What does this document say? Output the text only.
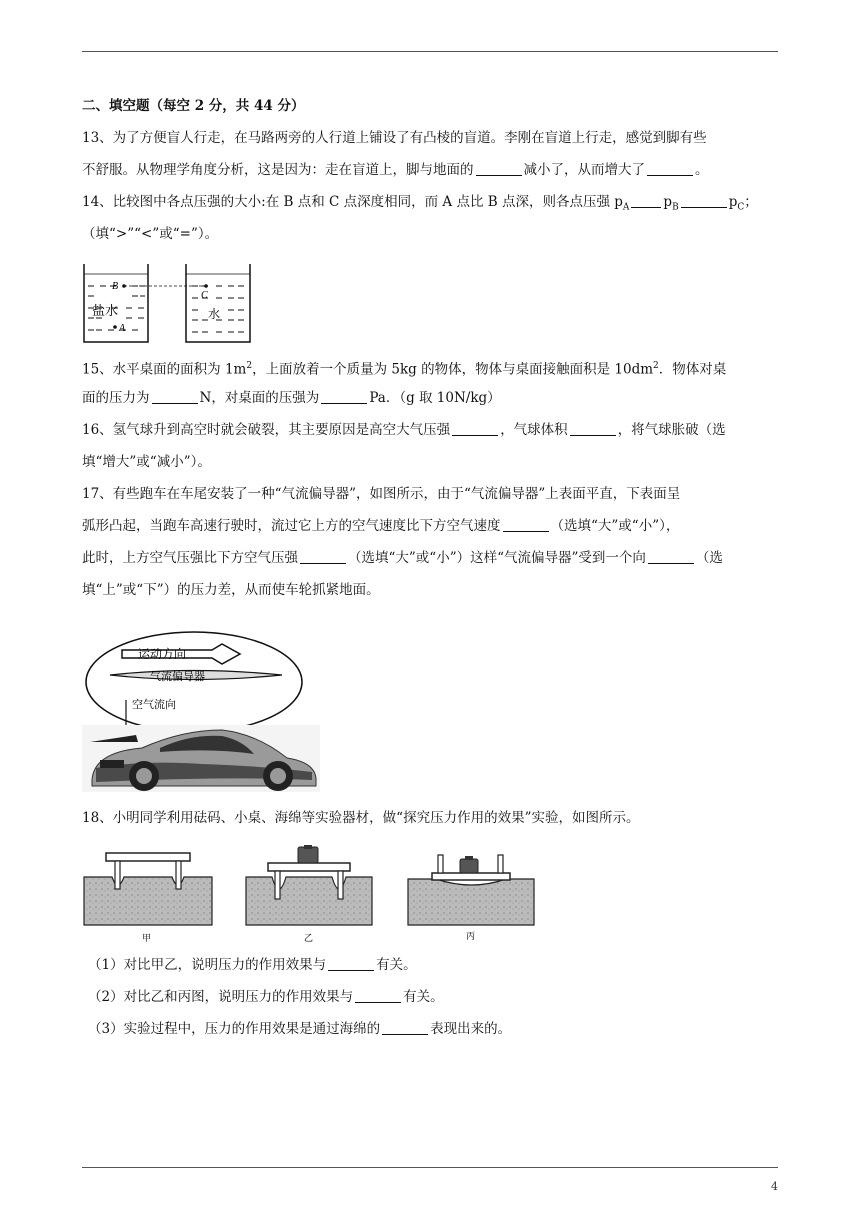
二、填空题（每空 2 分，共 44 分）
13、为了方便盲人行走，在马路两旁的人行道上铺设了有凸棱的盲道。李刚在盲道上行走，感觉到脚有些
不舒服。从物理学角度分析，这是因为：走在盲道上，脚与地面的	减小了，从而增大了	。
14、比较图中各点压强的大小:在 B 点和 C 点深度相同，而 A 点比 B 点深，则各点压强 $p_A$	$p_B$	$p_C$；
（填“>”“<”或“=”）。
B
C
A
盐水	水
15、水平桌面的面积为 $1m^2$，上面放着一个质量为 5kg 的物体，物体与桌面接触面积是 $10dm^2$．物体对桌
面的压力为	N，对桌面的压强为	Pa．（g 取 10N/kg）
16、氢气球升到高空时就会破裂，其主要原因是高空大气压强	，气球体积	，将气球胀破（选
填“增大”或“减小”）。
17、有些跑车在车尾安装了一种“气流偏导器”，如图所示，由于“气流偏导器”上表面平直，下表面呈
弧形凸起，当跑车高速行驶时，流过它上方的空气速度比下方空气速度	（选填“大”或“小”），
此时，上方空气压强比下方空气压强	（选填“大”或“小”）这样“气流偏导器”受到一个向	（选
填“上”或“下”）的压力差，从而使车轮抓紧地面。
运动方向
气流偏导器
空气流向
18、小明同学利用砝码、小桌、海绵等实验器材，做“探究压力作用的效果”实验，如图所示。
甲	乙	丙
（1）对比甲乙，说明压力的作用效果与	有关。
（2）对比乙和丙图，说明压力的作用效果与	有关。
（3）实验过程中，压力的作用效果是通过海绵的	表现出来的。
4
